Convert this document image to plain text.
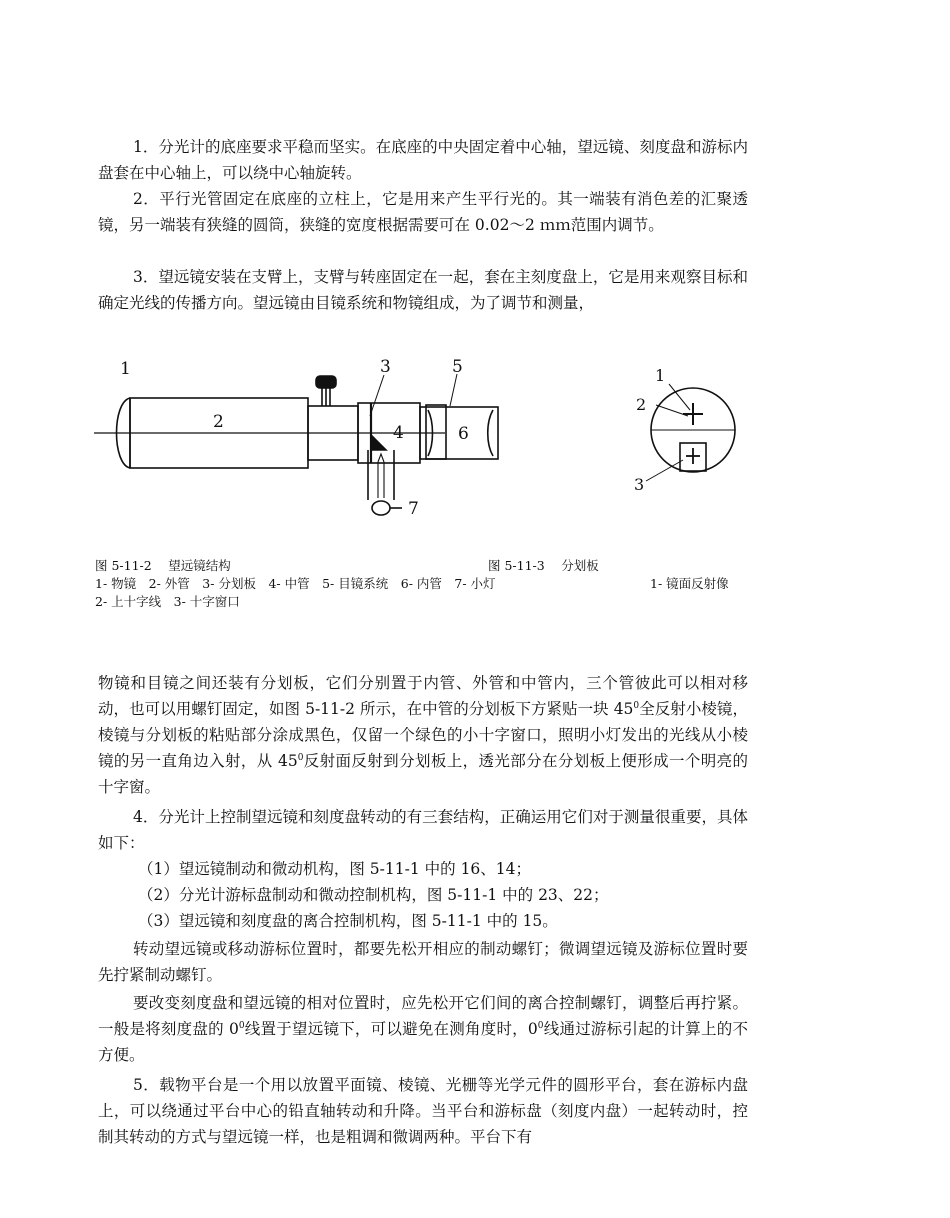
1．分光计的底座要求平稳而坚实。在底座的中央固定着中心轴，望远镜、刻度盘和游标内盘套在中心轴上，可以绕中心轴旋转。

2．平行光管固定在底座的立柱上，它是用来产生平行光的。其一端装有消色差的汇聚透镜，另一端装有狭缝的圆筒，狭缝的宽度根据需要可在 0.02～2 ｍｍ范围内调节。

3．望远镜安装在支臂上，支臂与转座固定在一起，套在主刻度盘上，它是用来观察目标和确定光线的传播方向。望远镜由目镜系统和物镜组成，为了调节和测量，

1
2
3
4
5
6
7
1
2
3
图 5-11-2　 望远镜结构	图 5-11-3　 分划板
1- 物镜　2- 外管　3- 分划板　4- 中管　5- 目镜系统　6- 内管　7- 小灯	1- 镜面反射像
2- 上十字线　3- 十字窗口

物镜和目镜之间还装有分划板，它们分别置于内管、外管和中管内，三个管彼此可以相对移动，也可以用螺钉固定，如图 5-11-2 所示，在中管的分划板下方紧贴一块 $45^0$全反射小棱镜，棱镜与分划板的粘贴部分涂成黑色，仅留一个绿色的小十字窗口，照明小灯发出的光线从小棱镜的另一直角边入射，从 $45^0$反射面反射到分划板上，透光部分在分划板上便形成一个明亮的十字窗。

4．分光计上控制望远镜和刻度盘转动的有三套结构，正确运用它们对于测量很重要，具体如下：

（1）望远镜制动和微动机构，图 5-11-1 中的 16、14；

（2）分光计游标盘制动和微动控制机构，图 5-11-1 中的 23、22；

（3）望远镜和刻度盘的离合控制机构，图 5-11-1 中的 15。

转动望远镜或移动游标位置时，都要先松开相应的制动螺钉；微调望远镜及游标位置时要先拧紧制动螺钉。

要改变刻度盘和望远镜的相对位置时，应先松开它们间的离合控制螺钉，调整后再拧紧。 一般是将刻度盘的 $0^0$线置于望远镜下，可以避免在测角度时，$0^0$线通过游标引起的计算上的不方便。

5．载物平台是一个用以放置平面镜、棱镜、光栅等光学元件的圆形平台，套在游标内盘上，可以绕通过平台中心的铅直轴转动和升降。当平台和游标盘（刻度内盘）一起转动时，控制其转动的方式与望远镜一样，也是粗调和微调两种。平台下有
